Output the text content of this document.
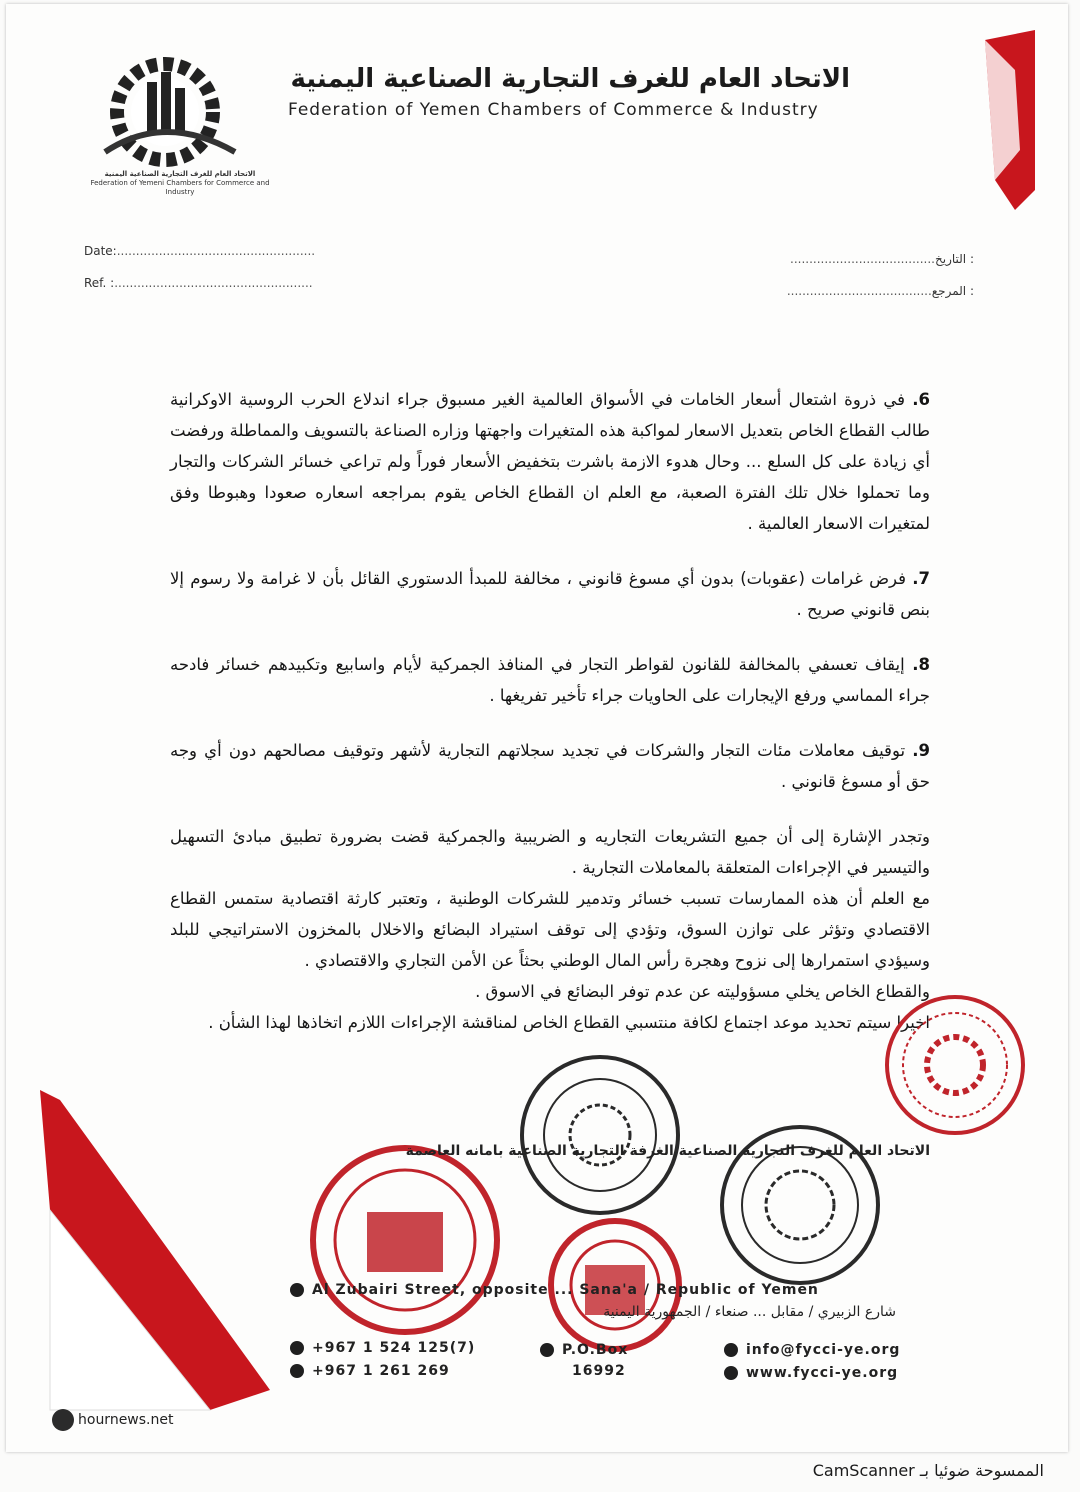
الاتحاد العام للغرف التجارية الصناعية اليمنية
Federation of Yemeni Chambers for Commerce and Industry
الاتحاد العام للغرف التجارية الصناعية اليمنية
Federation of Yemen Chambers of Commerce & Industry
Date:....................................................
Ref. :....................................................
: التاريخ......................................
: المرجع......................................

6. في ذروة اشتعال أسعار الخامات في الأسواق العالمية الغير مسبوق جراء اندلاع الحرب الروسية الاوكرانية طالب القطاع الخاص بتعديل الاسعار لمواكبة هذه المتغيرات واجهتها وزاره الصناعة بالتسويف والمماطلة ورفضت أي زيادة على كل السلع ... وحال هدوء الازمة باشرت بتخفيض الأسعار فوراً ولم تراعي خسائر الشركات والتجار وما تحملوا خلال تلك الفترة الصعبة، مع العلم ان القطاع الخاص يقوم بمراجعه اسعاره صعودا وهبوطا وفق لمتغيرات الاسعار العالمية .

7. فرض غرامات (عقوبات) بدون أي مسوغ قانوني ، مخالفة للمبدأ الدستوري القائل بأن لا غرامة ولا رسوم إلا بنص قانوني صريح .

8. إيقاف تعسفي بالمخالفة للقانون لقواطر التجار في المنافذ الجمركية لأيام واسابيع وتكبيدهم خسائر فادحه جراء المماسي ورفع الإيجارات على الحاويات جراء تأخير تفريغها .

9. توقيف معاملات مئات التجار والشركات في تجديد سجلاتهم التجارية لأشهر وتوقيف مصالحهم دون أي وجه حق أو مسوغ قانوني .

وتجدر الإشارة إلى أن جميع التشريعات التجاريه و الضريبية والجمركية قضت بضرورة تطبيق مبادئ التسهيل والتيسير في الإجراءات المتعلقة بالمعاملات التجارية .

مع العلم أن هذه الممارسات تسبب خسائر وتدمير للشركات الوطنية ، وتعتبر كارثة اقتصادية ستمس القطاع الاقتصادي وتؤثر على توازن السوق، وتؤدي إلى توقف استيراد البضائع والاخلال بالمخزون الاستراتيجي للبلد وسيؤدي استمرارها إلى نزوح وهجرة رأس المال الوطني بحثاً عن الأمن التجاري والاقتصادي .

والقطاع الخاص يخلي مسؤوليته عن عدم توفر البضائع في الاسوق .

اخيرا سيتم تحديد موعد اجتماع لكافة منتسبي القطاع الخاص لمناقشة الإجراءات اللازم اتخاذها لهذا الشأن .

الاتحاد العام للغرف التجارية الصناعية الغرفة التجارية الصناعية بامانه العاصمة
Al Zubairi Street, opposite ... Sana'a / Republic of Yemen
شارع الزبيري / مقابل ... صنعاء / الجمهورية اليمنية
+967 1 524 125(7)
+967 1 261 269
P.O.Box
16992
info@fycci-ye.org
www.fycci-ye.org
hournews.net
الممسوحة ضوئيا بـ CamScanner
